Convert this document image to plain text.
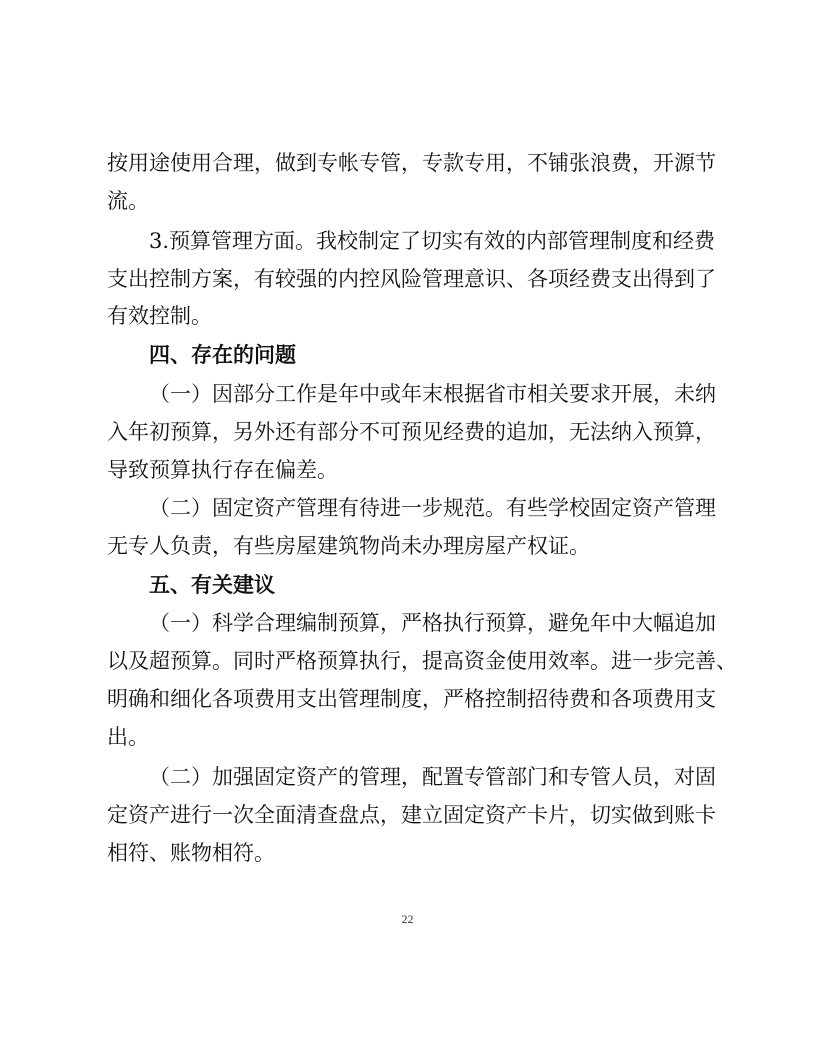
按用途使用合理，做到专帐专管，专款专用，不铺张浪费，开源节
流。
3.预算管理方面。我校制定了切实有效的内部管理制度和经费
支出控制方案，有较强的内控风险管理意识、各项经费支出得到了
有效控制。
四、存在的问题
（一）因部分工作是年中或年末根据省市相关要求开展，未纳
入年初预算，另外还有部分不可预见经费的追加，无法纳入预算，
导致预算执行存在偏差。
（二）固定资产管理有待进一步规范。有些学校固定资产管理
无专人负责，有些房屋建筑物尚未办理房屋产权证。
五、有关建议
（一）科学合理编制预算，严格执行预算，避免年中大幅追加
以及超预算。同时严格预算执行，提高资金使用效率。进一步完善、
明确和细化各项费用支出管理制度，严格控制招待费和各项费用支
出。
（二）加强固定资产的管理，配置专管部门和专管人员，对固
定资产进行一次全面清查盘点，建立固定资产卡片，切实做到账卡
相符、账物相符。
22
